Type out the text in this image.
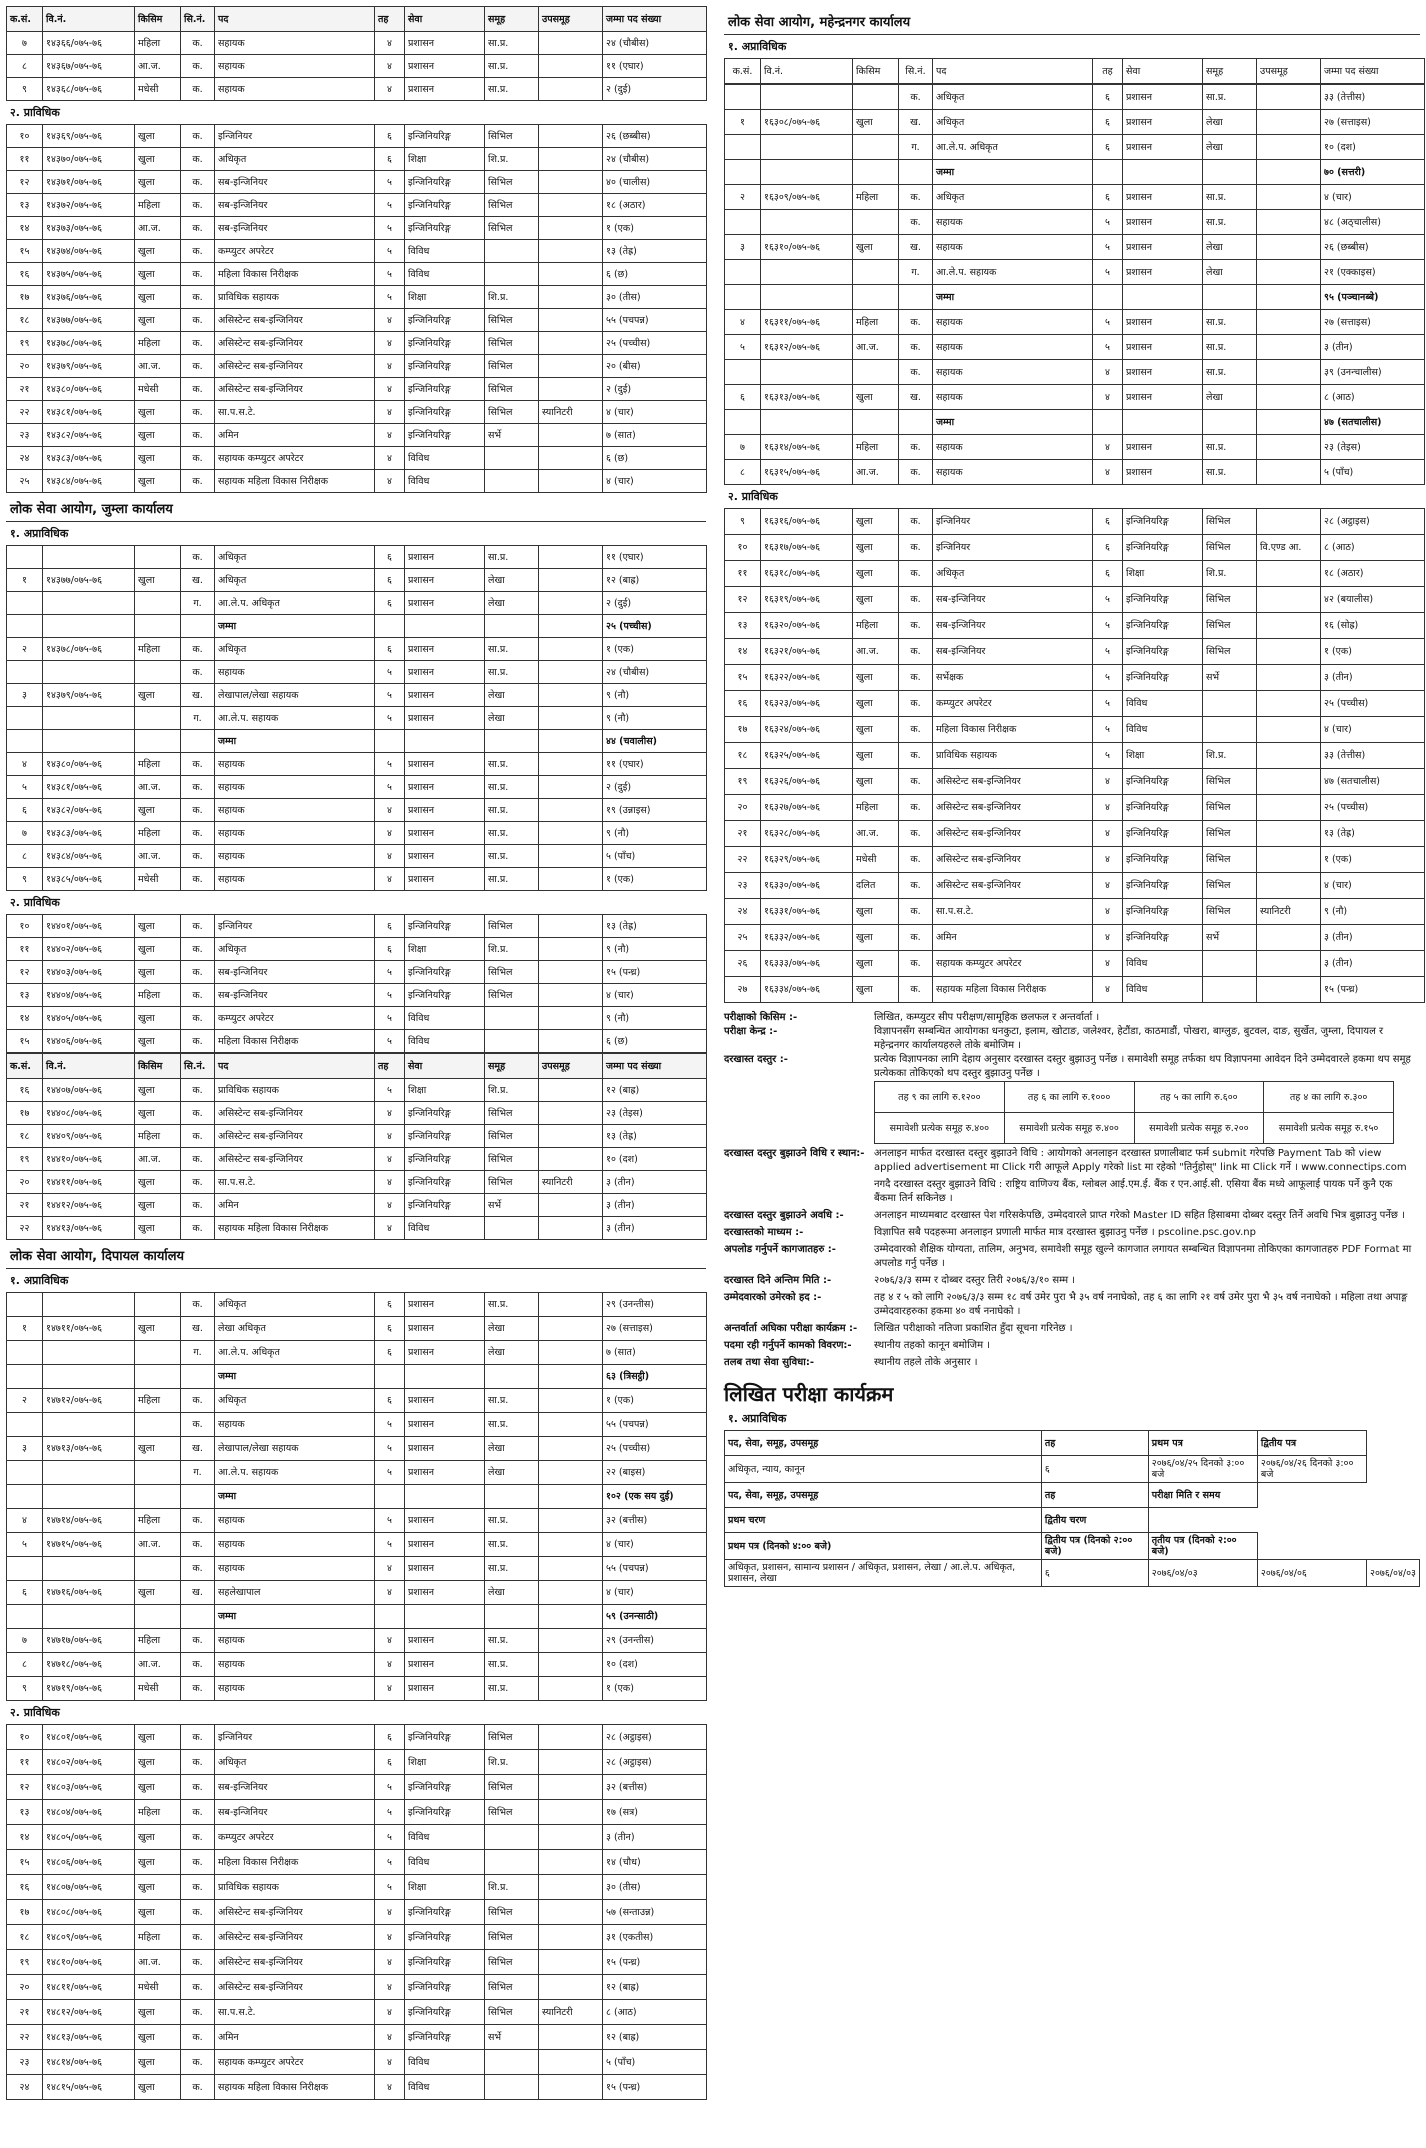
क.सं.	वि.नं.	किसिम	सि.नं.	पद	तह	सेवा	समूह	उपसमूह	जम्मा पद संख्या
७	१४३६६/०७५-७६	महिला	क.	सहायक	४	प्रशासन	सा.प्र.		२४ (चौबीस)
८	१४३६७/०७५-७६	आ.ज.	क.	सहायक	४	प्रशासन	सा.प्र.		११ (एघार)
९	१४३६८/०७५-७६	मधेसी	क.	सहायक	४	प्रशासन	सा.प्र.		२ (दुई)
२. प्राविधिक
१०	१४३६९/०७५-७६	खुला	क.	इन्जिनियर	६	इन्जिनियरिङ्ग	सिभिल		२६ (छब्बीस)
११	१४३७०/०७५-७६	खुला	क.	अधिकृत	६	शिक्षा	शि.प्र.		२४ (चौबीस)
१२	१४३७१/०७५-७६	खुला	क.	सब-इन्जिनियर	५	इन्जिनियरिङ्ग	सिभिल		४० (चालीस)
१३	१४३७२/०७५-७६	महिला	क.	सब-इन्जिनियर	५	इन्जिनियरिङ्ग	सिभिल		१८ (अठार)
१४	१४३७३/०७५-७६	आ.ज.	क.	सब-इन्जिनियर	५	इन्जिनियरिङ्ग	सिभिल		१ (एक)
१५	१४३७४/०७५-७६	खुला	क.	कम्प्युटर अपरेटर	५	विविध			१३ (तेह्र)
१६	१४३७५/०७५-७६	खुला	क.	महिला विकास निरीक्षक	५	विविध			६ (छ)
१७	१४३७६/०७५-७६	खुला	क.	प्राविधिक सहायक	५	शिक्षा	शि.प्र.		३० (तीस)
१८	१४३७७/०७५-७६	खुला	क.	असिस्टेन्ट सब-इन्जिनियर	४	इन्जिनियरिङ्ग	सिभिल		५५ (पचपन्न)
१९	१४३७८/०७५-७६	महिला	क.	असिस्टेन्ट सब-इन्जिनियर	४	इन्जिनियरिङ्ग	सिभिल		२५ (पच्चीस)
२०	१४३७९/०७५-७६	आ.ज.	क.	असिस्टेन्ट सब-इन्जिनियर	४	इन्जिनियरिङ्ग	सिभिल		२० (बीस)
२१	१४३८०/०७५-७६	मधेसी	क.	असिस्टेन्ट सब-इन्जिनियर	४	इन्जिनियरिङ्ग	सिभिल		२ (दुई)
२२	१४३८१/०७५-७६	खुला	क.	सा.प.स.टे.	४	इन्जिनियरिङ्ग	सिभिल	स्यानिटरी	४ (चार)
२३	१४३८२/०७५-७६	खुला	क.	अमिन	४	इन्जिनियरिङ्ग	सर्भे		७ (सात)
२४	१४३८३/०७५-७६	खुला	क.	सहायक कम्प्युटर अपरेटर	४	विविध			६ (छ)
२५	१४३८४/०७५-७६	खुला	क.	सहायक महिला विकास निरीक्षक	४	विविध			४ (चार)
लोक सेवा आयोग, जुम्ला कार्यालय
१. अप्राविधिक
			क.	अधिकृत	६	प्रशासन	सा.प्र.		११ (एघार)
१	१४३७७/०७५-७६	खुला	ख.	अधिकृत	६	प्रशासन	लेखा		१२ (बाह्र)
			ग.	आ.ले.प. अधिकृत	६	प्रशासन	लेखा		२ (दुई)
				जम्मा					२५ (पच्चीस)
२	१४३७८/०७५-७६	महिला	क.	अधिकृत	६	प्रशासन	सा.प्र.		१ (एक)
			क.	सहायक	५	प्रशासन	सा.प्र.		२४ (चौबीस)
३	१४३७९/०७५-७६	खुला	ख.	लेखापाल/लेखा सहायक	५	प्रशासन	लेखा		९ (नौ)
			ग.	आ.ले.प. सहायक	५	प्रशासन	लेखा		९ (नौ)
				जम्मा					४४ (चवालीस)
४	१४३८०/०७५-७६	महिला	क.	सहायक	५	प्रशासन	सा.प्र.		११ (एघार)
५	१४३८१/०७५-७६	आ.ज.	क.	सहायक	५	प्रशासन	सा.प्र.		२ (दुई)
६	१४३८२/०७५-७६	खुला	क.	सहायक	४	प्रशासन	सा.प्र.		१९ (उन्नाइस)
७	१४३८३/०७५-७६	महिला	क.	सहायक	४	प्रशासन	सा.प्र.		९ (नौ)
८	१४३८४/०७५-७६	आ.ज.	क.	सहायक	४	प्रशासन	सा.प्र.		५ (पाँच)
९	१४३८५/०७५-७६	मधेसी	क.	सहायक	४	प्रशासन	सा.प्र.		१ (एक)
२. प्राविधिक
१०	१४४०१/०७५-७६	खुला	क.	इन्जिनियर	६	इन्जिनियरिङ्ग	सिभिल		१३ (तेह्र)
११	१४४०२/०७५-७६	खुला	क.	अधिकृत	६	शिक्षा	शि.प्र.		९ (नौ)
१२	१४४०३/०७५-७६	खुला	क.	सब-इन्जिनियर	५	इन्जिनियरिङ्ग	सिभिल		१५ (पन्ध्र)
१३	१४४०४/०७५-७६	महिला	क.	सब-इन्जिनियर	५	इन्जिनियरिङ्ग	सिभिल		४ (चार)
१४	१४४०५/०७५-७६	खुला	क.	कम्प्युटर अपरेटर	५	विविध			९ (नौ)
१५	१४४०६/०७५-७६	खुला	क.	महिला विकास निरीक्षक	५	विविध			६ (छ)
क.सं.	वि.नं.	किसिम	सि.नं.	पद	तह	सेवा	समूह	उपसमूह	जम्मा पद संख्या
१६	१४४०७/०७५-७६	खुला	क.	प्राविधिक सहायक	५	शिक्षा	शि.प्र.		१२ (बाह्र)
१७	१४४०८/०७५-७६	खुला	क.	असिस्टेन्ट सब-इन्जिनियर	४	इन्जिनियरिङ्ग	सिभिल		२३ (तेइस)
१८	१४४०९/०७५-७६	महिला	क.	असिस्टेन्ट सब-इन्जिनियर	४	इन्जिनियरिङ्ग	सिभिल		१३ (तेह्र)
१९	१४४१०/०७५-७६	आ.ज.	क.	असिस्टेन्ट सब-इन्जिनियर	४	इन्जिनियरिङ्ग	सिभिल		१० (दश)
२०	१४४११/०७५-७६	खुला	क.	सा.प.स.टे.	४	इन्जिनियरिङ्ग	सिभिल	स्यानिटरी	३ (तीन)
२१	१४४१२/०७५-७६	खुला	क.	अमिन	४	इन्जिनियरिङ्ग	सर्भे		३ (तीन)
२२	१४४१३/०७५-७६	खुला	क.	सहायक महिला विकास निरीक्षक	४	विविध			३ (तीन)
लोक सेवा आयोग, दिपायल कार्यालय
१. अप्राविधिक
			क.	अधिकृत	६	प्रशासन	सा.प्र.		२९ (उनन्तीस)
१	१४७११/०७५-७६	खुला	ख.	लेखा अधिकृत	६	प्रशासन	लेखा		२७ (सत्ताइस)
			ग.	आ.ले.प. अधिकृत	६	प्रशासन	लेखा		७ (सात)
				जम्मा					६३ (त्रिसट्ठी)
२	१४७१२/०७५-७६	महिला	क.	अधिकृत	६	प्रशासन	सा.प्र.		१ (एक)
			क.	सहायक	५	प्रशासन	सा.प्र.		५५ (पचपन्न)
३	१४७१३/०७५-७६	खुला	ख.	लेखापाल/लेखा सहायक	५	प्रशासन	लेखा		२५ (पच्चीस)
			ग.	आ.ले.प. सहायक	५	प्रशासन	लेखा		२२ (बाइस)
				जम्मा					१०२ (एक सय दुई)
४	१४७१४/०७५-७६	महिला	क.	सहायक	५	प्रशासन	सा.प्र.		३२ (बत्तीस)
५	१४७१५/०७५-७६	आ.ज.	क.	सहायक	५	प्रशासन	सा.प्र.		४ (चार)
			क.	सहायक	४	प्रशासन	सा.प्र.		५५ (पचपन्न)
६	१४७१६/०७५-७६	खुला	ख.	सहलेखापाल	४	प्रशासन	लेखा		४ (चार)
				जम्मा					५९ (उनन्साठी)
७	१४७१७/०७५-७६	महिला	क.	सहायक	४	प्रशासन	सा.प्र.		२९ (उनन्तीस)
८	१४७१८/०७५-७६	आ.ज.	क.	सहायक	४	प्रशासन	सा.प्र.		१० (दश)
९	१४७१९/०७५-७६	मधेसी	क.	सहायक	४	प्रशासन	सा.प्र.		१ (एक)
२. प्राविधिक
१०	१४८०१/०७५-७६	खुला	क.	इन्जिनियर	६	इन्जिनियरिङ्ग	सिभिल		२८ (अट्ठाइस)
११	१४८०२/०७५-७६	खुला	क.	अधिकृत	६	शिक्षा	शि.प्र.		२८ (अट्ठाइस)
१२	१४८०३/०७५-७६	खुला	क.	सब-इन्जिनियर	५	इन्जिनियरिङ्ग	सिभिल		३२ (बत्तीस)
१३	१४८०४/०७५-७६	महिला	क.	सब-इन्जिनियर	५	इन्जिनियरिङ्ग	सिभिल		१७ (सत्र)
१४	१४८०५/०७५-७६	खुला	क.	कम्प्युटर अपरेटर	५	विविध			३ (तीन)
१५	१४८०६/०७५-७६	खुला	क.	महिला विकास निरीक्षक	५	विविध			१४ (चौध)
१६	१४८०७/०७५-७६	खुला	क.	प्राविधिक सहायक	५	शिक्षा	शि.प्र.		३० (तीस)
१७	१४८०८/०७५-७६	खुला	क.	असिस्टेन्ट सब-इन्जिनियर	४	इन्जिनियरिङ्ग	सिभिल		५७ (सन्ताउन्न)
१८	१४८०९/०७५-७६	महिला	क.	असिस्टेन्ट सब-इन्जिनियर	४	इन्जिनियरिङ्ग	सिभिल		३१ (एकतीस)
१९	१४८१०/०७५-७६	आ.ज.	क.	असिस्टेन्ट सब-इन्जिनियर	४	इन्जिनियरिङ्ग	सिभिल		१५ (पन्ध्र)
२०	१४८११/०७५-७६	मधेसी	क.	असिस्टेन्ट सब-इन्जिनियर	४	इन्जिनियरिङ्ग	सिभिल		१२ (बाह्र)
२१	१४८१२/०७५-७६	खुला	क.	सा.प.स.टे.	४	इन्जिनियरिङ्ग	सिभिल	स्यानिटरी	८ (आठ)
२२	१४८१३/०७५-७६	खुला	क.	अमिन	४	इन्जिनियरिङ्ग	सर्भे		१२ (बाह्र)
२३	१४८१४/०७५-७६	खुला	क.	सहायक कम्प्युटर अपरेटर	४	विविध			५ (पाँच)
२४	१४८१५/०७५-७६	खुला	क.	सहायक महिला विकास निरीक्षक	४	विविध			१५ (पन्ध्र)
लोक सेवा आयोग, महेन्द्रनगर कार्यालय
१. अप्राविधिक
क.सं.	वि.नं.	किसिम	सि.नं.	पद	तह	सेवा	समूह	उपसमूह	जम्मा पद संख्या
			क.	अधिकृत	६	प्रशासन	सा.प्र.		३३ (तेत्तीस)
१	१६३०८/०७५-७६	खुला	ख.	अधिकृत	६	प्रशासन	लेखा		२७ (सत्ताइस)
			ग.	आ.ले.प. अधिकृत	६	प्रशासन	लेखा		१० (दश)
				जम्मा					७० (सत्तरी)
२	१६३०९/०७५-७६	महिला	क.	अधिकृत	६	प्रशासन	सा.प्र.		४ (चार)
			क.	सहायक	५	प्रशासन	सा.प्र.		४८ (अठ्चालीस)
३	१६३१०/०७५-७६	खुला	ख.	सहायक	५	प्रशासन	लेखा		२६ (छब्बीस)
			ग.	आ.ले.प. सहायक	५	प्रशासन	लेखा		२१ (एक्काइस)
				जम्मा					९५ (पञ्चानब्बे)
४	१६३११/०७५-७६	महिला	क.	सहायक	५	प्रशासन	सा.प्र.		२७ (सत्ताइस)
५	१६३१२/०७५-७६	आ.ज.	क.	सहायक	५	प्रशासन	सा.प्र.		३ (तीन)
			क.	सहायक	४	प्रशासन	सा.प्र.		३९ (उनन्चालीस)
६	१६३१३/०७५-७६	खुला	ख.	सहायक	४	प्रशासन	लेखा		८ (आठ)
				जम्मा					४७ (सतचालीस)
७	१६३१४/०७५-७६	महिला	क.	सहायक	४	प्रशासन	सा.प्र.		२३ (तेइस)
८	१६३१५/०७५-७६	आ.ज.	क.	सहायक	४	प्रशासन	सा.प्र.		५ (पाँच)
२. प्राविधिक
९	१६३१६/०७५-७६	खुला	क.	इन्जिनियर	६	इन्जिनियरिङ्ग	सिभिल		२८ (अट्ठाइस)
१०	१६३१७/०७५-७६	खुला	क.	इन्जिनियर	६	इन्जिनियरिङ्ग	सिभिल	वि.एण्ड आ.	८ (आठ)
११	१६३१८/०७५-७६	खुला	क.	अधिकृत	६	शिक्षा	शि.प्र.		१८ (अठार)
१२	१६३१९/०७५-७६	खुला	क.	सब-इन्जिनियर	५	इन्जिनियरिङ्ग	सिभिल		४२ (बयालीस)
१३	१६३२०/०७५-७६	महिला	क.	सब-इन्जिनियर	५	इन्जिनियरिङ्ग	सिभिल		१६ (सोह्र)
१४	१६३२१/०७५-७६	आ.ज.	क.	सब-इन्जिनियर	५	इन्जिनियरिङ्ग	सिभिल		१ (एक)
१५	१६३२२/०७५-७६	खुला	क.	सर्भेक्षक	५	इन्जिनियरिङ्ग	सर्भे		३ (तीन)
१६	१६३२३/०७५-७६	खुला	क.	कम्प्युटर अपरेटर	५	विविध			२५ (पच्चीस)
१७	१६३२४/०७५-७६	खुला	क.	महिला विकास निरीक्षक	५	विविध			४ (चार)
१८	१६३२५/०७५-७६	खुला	क.	प्राविधिक सहायक	५	शिक्षा	शि.प्र.		३३ (तेत्तीस)
१९	१६३२६/०७५-७६	खुला	क.	असिस्टेन्ट सब-इन्जिनियर	४	इन्जिनियरिङ्ग	सिभिल		४७ (सतचालीस)
२०	१६३२७/०७५-७६	महिला	क.	असिस्टेन्ट सब-इन्जिनियर	४	इन्जिनियरिङ्ग	सिभिल		२५ (पच्चीस)
२१	१६३२८/०७५-७६	आ.ज.	क.	असिस्टेन्ट सब-इन्जिनियर	४	इन्जिनियरिङ्ग	सिभिल		१३ (तेह्र)
२२	१६३२९/०७५-७६	मधेसी	क.	असिस्टेन्ट सब-इन्जिनियर	४	इन्जिनियरिङ्ग	सिभिल		१ (एक)
२३	१६३३०/०७५-७६	दलित	क.	असिस्टेन्ट सब-इन्जिनियर	४	इन्जिनियरिङ्ग	सिभिल		४ (चार)
२४	१६३३१/०७५-७६	खुला	क.	सा.प.स.टे.	४	इन्जिनियरिङ्ग	सिभिल	स्यानिटरी	९ (नौ)
२५	१६३३२/०७५-७६	खुला	क.	अमिन	४	इन्जिनियरिङ्ग	सर्भे		३ (तीन)
२६	१६३३३/०७५-७६	खुला	क.	सहायक कम्प्युटर अपरेटर	४	विविध			३ (तीन)
२७	१६३३४/०७५-७६	खुला	क.	सहायक महिला विकास निरीक्षक	४	विविध			१५ (पन्ध्र)
परीक्षाको किसिम :-	लिखित, कम्प्युटर सीप परीक्षण/सामूहिक छलफल र अन्तर्वार्ता ।
परीक्षा केन्द्र :-	विज्ञापनसँग सम्बन्धित आयोगका धनकुटा, इलाम, खोटाङ, जलेश्वर, हेटौंडा, काठमाडौं, पोखरा, बाग्लुङ, बुटवल, दाङ, सुर्खेत, जुम्ला, दिपायल र महेन्द्रनगर कार्यालयहरुले तोके बमोजिम ।
दरखास्त दस्तुर :-	प्रत्येक विज्ञापनका लागि देहाय अनुसार दरखास्त दस्तुर बुझाउनु पर्नेछ । समावेशी समूह तर्फका थप विज्ञापनमा आवेदन दिने उम्मेदवारले हकमा थप समूह प्रत्येकका तोकिएको थप दस्तुर बुझाउनु पर्नेछ ।
तह ९ का लागि रु.१२००	तह ६ का लागि रु.१०००	तह ५ का लागि रु.६००	तह ४ का लागि रु.३००
समावेशी प्रत्येक समूह रु.४००	समावेशी प्रत्येक समूह रु.४००	समावेशी प्रत्येक समूह रु.२००	समावेशी प्रत्येक समूह रु.१५०
दरखास्त दस्तुर बुझाउने विधि र स्थान:- अनलाइन मार्फत दरखास्त दस्तुर बुझाउने विधि : आयोगको अनलाइन दरखास्त प्रणालीबाट फर्म submit गरेपछि Payment Tab को view applied advertisement मा Click गरी आफूले Apply गरेको list मा रहेको "तिर्नुहोस्" link मा Click गर्ने । www.connectips.com
नगदै दरखास्त दस्तुर बुझाउने विधि : राष्ट्रिय वाणिज्य बैंक, ग्लोबल आई.एम.ई. बैंक र एन.आई.सी. एसिया बैंक मध्ये आफूलाई पायक पर्ने कुनै एक बैंकमा तिर्न सकिनेछ ।
दरखास्त दस्तुर बुझाउने अवधि :-	अनलाइन माध्यमबाट दरखास्त पेश गरिसकेपछि, उम्मेदवारले प्राप्त गरेको Master ID सहित हिसाबमा दोब्बर दस्तुर तिर्ने अवधि भित्र बुझाउनु पर्नेछ ।
दरखास्तको माध्यम :-	विज्ञापित सबै पदहरूमा अनलाइन प्रणाली मार्फत मात्र दरखास्त बुझाउनु पर्नेछ । pscoline.psc.gov.np
अपलोड गर्नुपर्ने कागजातहरु :-	उम्मेदवारको शैक्षिक योग्यता, तालिम, अनुभव, समावेशी समूह खुल्ने कागजात लगायत सम्बन्धित विज्ञापनमा तोकिएका कागजातहरु PDF Format मा अपलोड गर्नु पर्नेछ ।
दरखास्त दिने अन्तिम मिति :-	२०७६/३/३ सम्म र दोब्बर दस्तुर तिरी २०७६/३/१० सम्म ।
उम्मेदवारको उमेरको हद :-	तह ४ र ५ को लागि २०७६/३/३ सम्म १८ वर्ष उमेर पुरा भै ३५ वर्ष ननाघेको, तह ६ का लागि २१ वर्ष उमेर पुरा भै ३५ वर्ष ननाघेको । महिला तथा अपाङ्ग उम्मेदवारहरुका हकमा ४० वर्ष ननाघेको ।
अन्तर्वार्ता अघिका परीक्षा कार्यक्रम :- लिखित परीक्षाको नतिजा प्रकाशित हुँदा सूचना गरिनेछ ।
पदमा रही गर्नुपर्ने कामको विवरण:- स्थानीय तहको कानून बमोजिम ।
तलब तथा सेवा सुविधा:-	स्थानीय तहले तोके अनुसार ।
लिखित परीक्षा कार्यक्रम
१. अप्राविधिक
पद, सेवा, समूह, उपसमूह	तह	प्रथम पत्र	द्वितीय पत्र	
अधिकृत, न्याय, कानून	६	२०७६/०४/२५ दिनको ३:०० बजे	२०७६/०४/२६ दिनको ३:०० बजे	
पद, सेवा, समूह, उपसमूह	तह	परीक्षा मिति र समय		
प्रथम चरण	द्वितीय चरण			
प्रथम पत्र (दिनको ४:०० बजे)	द्वितीय पत्र (दिनको २:०० बजे)	तृतीय पत्र (दिनको २:०० बजे)		
अधिकृत, प्रशासन, सामान्य प्रशासन / अधिकृत, प्रशासन, लेखा / आ.ले.प. अधिकृत, प्रशासन, लेखा	६	२०७६/०४/०३	२०७६/०४/०६	२०७६/०४/०३
